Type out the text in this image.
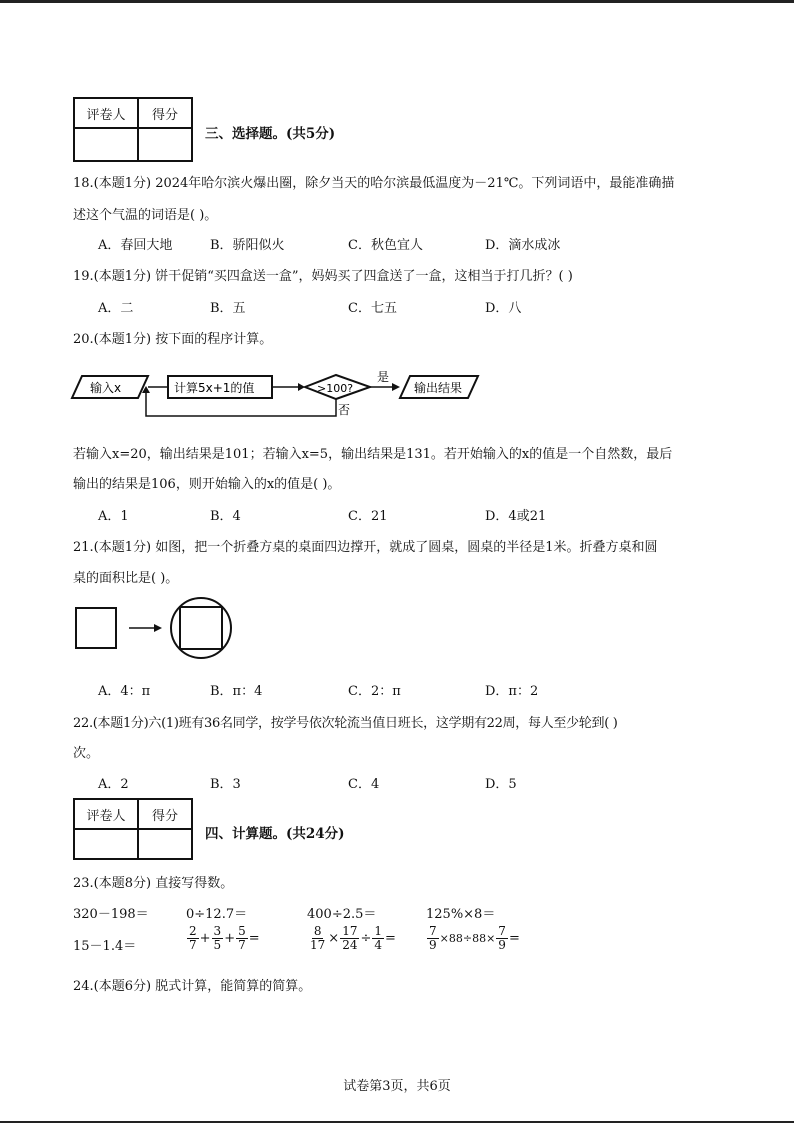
评卷人	得分

三、选择题。(共5分)
18.(本题1分) 2024年哈尔滨火爆出圈，除夕当天的哈尔滨最低温度为－21℃。下列词语中，最能准确描
述这个气温的词语是( )。
A．春回大地	B．骄阳似火	C．秋色宜人	D．滴水成冰
19.(本题1分) 饼干促销“买四盒送一盒”，妈妈买了四盒送了一盒，这相当于打几折？( )
A．二	B．五	C．七五	D．八
20.(本题1分) 按下面的程序计算。
输入x	计算5x+1的值	>100?
是
否
输出结果
若输入x=20，输出结果是101；若输入x=5，输出结果是131。若开始输入的x的值是一个自然数，最后
输出的结果是106，则开始输入的x的值是( )。
A．1	B．4	C．21	D．4或21
21.(本题1分) 如图，把一个折叠方桌的桌面四边撑开，就成了圆桌，圆桌的半径是1米。折叠方桌和圆
桌的面积比是( )。
A．4：π	B．π：4	C．2：π	D．π：2
22.(本题1分)六(1)班有36名同学，按学号依次轮流当值日班长，这学期有22周，每人至少轮到( )
次。
A．2	B．3	C．4	D．5
评卷人	得分

四、计算题。(共24分)
23.(本题8分) 直接写得数。
320－198＝	0÷12.7＝	400÷2.5＝	125%×8＝
15－1.4＝	$\frac{2}{7} + \frac{3}{5} + \frac{5}{7}$ =	$\frac{8}{17} \times \frac{17}{24} \div \frac{1}{4}$ =	$\frac{7}{9} \times 88\div 88\times \frac{7}{9}$ =
24.(本题6分) 脱式计算，能简算的简算。
试卷第3页，共6页
